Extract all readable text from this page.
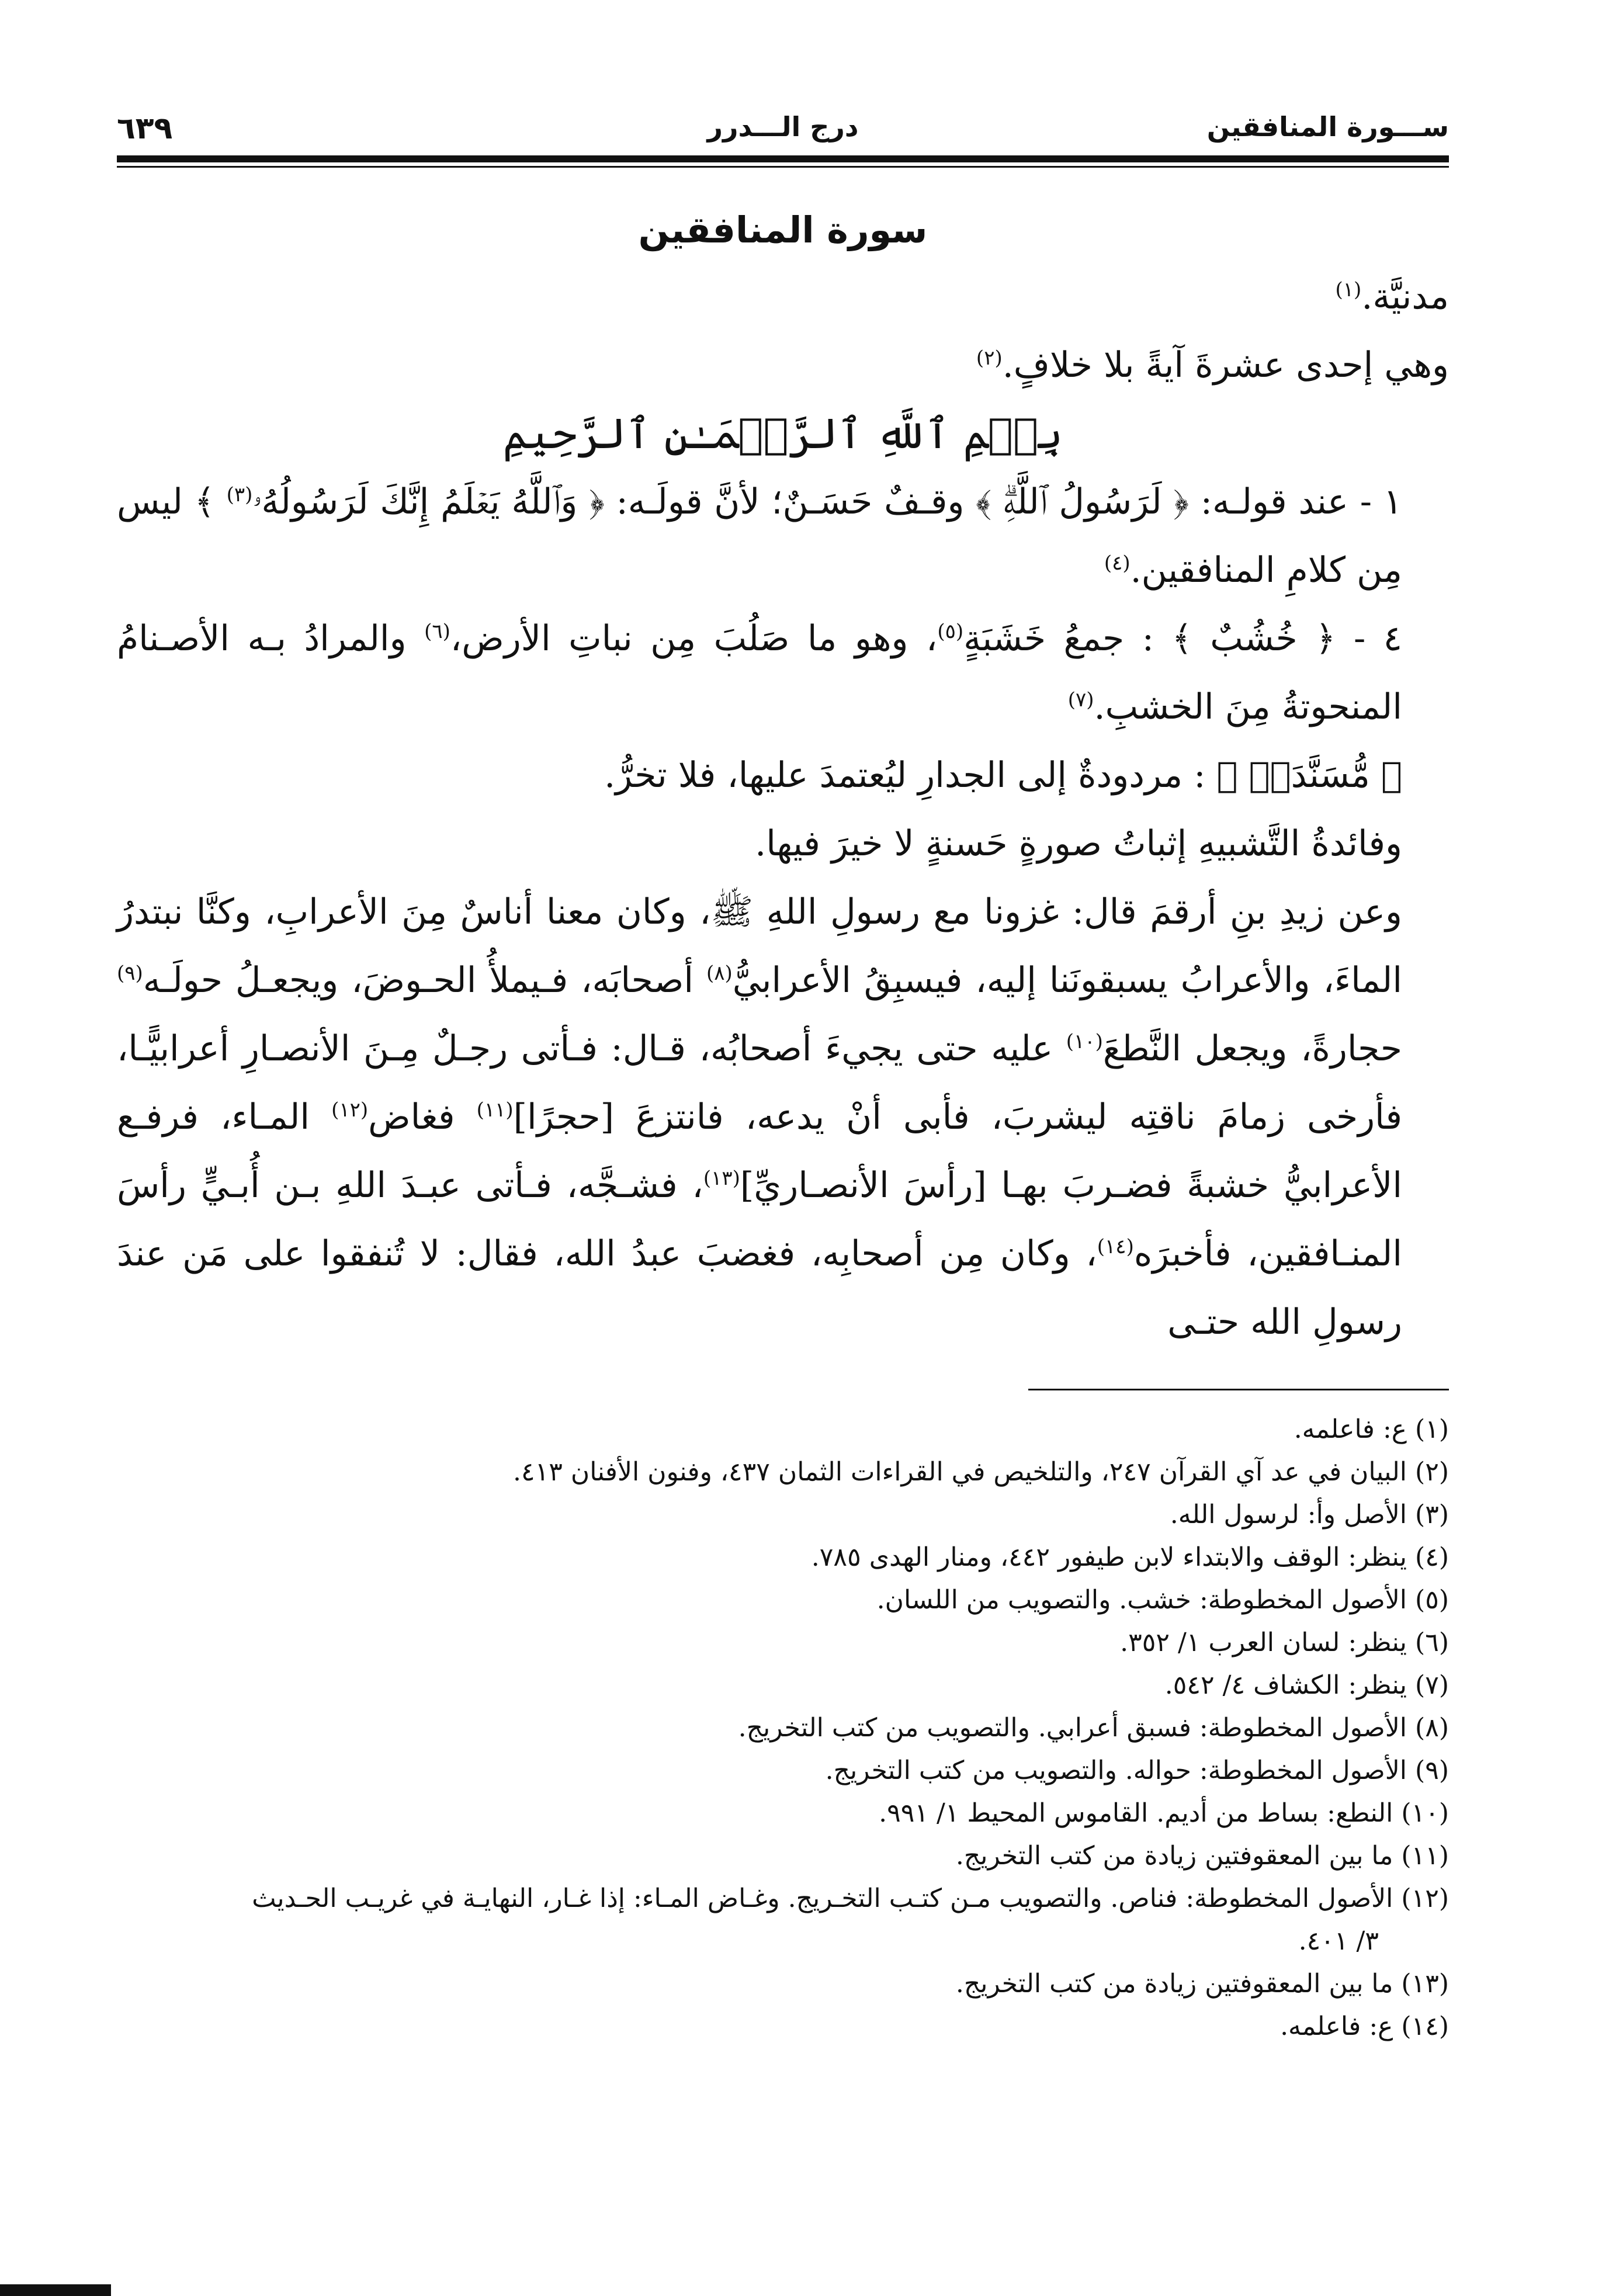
ســـورة المنافقين
درج الـــدرر
٦٣٩
سورة المنافقين

مدنيَّة.$^{(١)}$

وهي إحدى عشرةَ آيةً بلا خلافٍ.$^{(٢)}$

بِسۡمِ ٱللَّهِ ٱلرَّحۡمَـٰنِ ٱلرَّحِيمِ

١ - عند قولـه: ﴿ لَرَسُولُ ٱللَّهِۗ ﴾ وقـفٌ حَسَـنٌ؛ لأنَّ قولَـه: ﴿ وَٱللَّهُ يَعۡلَمُ إِنَّكَ لَرَسُولُهُۥ$^{(٣)}$ ﴾ ليس مِن كلامِ المنافقين.$^{(٤)}$

٤ - ﴿ خُشُبٌ ﴾ : جمعُ خَشَبَةٍ$^{(٥)}$، وهو ما صَلُبَ مِن نباتِ الأرض،$^{(٦)}$ والمرادُ بـه الأصـنامُ المنحوتةُ مِنَ الخشبِ.$^{(٧)}$

﴿ مُّسَنَّدَةٞ ﴾ : مردودةٌ إلى الجدارِ ليُعتمدَ عليها، فلا تخرُّ.

وفائدةُ التَّشبيهِ إثباتُ صورةٍ حَسنةٍ لا خيرَ فيها.

وعن زيدِ بنِ أرقمَ قال: غزونا مع رسولِ اللهِ ﷺ، وكان معنا أناسٌ مِنَ الأعرابِ، وكنَّا نبتدرُ الماءَ، والأعرابُ يسبقونَنا إليه، فيسبِقُ الأعرابيُّ$^{(٨)}$ أصحابَه، فـيملأُ الحـوضَ، ويجعـلُ حولَـه$^{(٩)}$ حجارةً، ويجعل النَّطعَ$^{(١٠)}$ عليه حتى يجيءَ أصحابُه، قـال: فـأتى رجـلٌ مِـنَ الأنصـارِ أعرابيًّـا، فأرخى زمامَ ناقتِه ليشربَ، فأبى أنْ يدعه، فانتزعَ [حجرًا]$^{(١١)}$ فغاض$^{(١٢)}$ المـاء، فرفـع الأعرابيُّ خشبةً فضـربَ بهـا [رأسَ الأنصـاريِّ]$^{(١٣)}$، فشـجَّه، فـأتى عبـدَ اللهِ بـن أُبـيٍّ رأسَ المنـافقين، فأخبرَه$^{(١٤)}$، وكان مِن أصحابِه، فغضبَ عبدُ الله، فقال: لا تُنفقوا على مَن عندَ رسولِ الله حتـى

(١) ع: فاعلمه.

(٢) البيان في عد آي القرآن ٢٤٧، والتلخيص في القراءات الثمان ٤٣٧، وفنون الأفنان ٤١٣.

(٣) الأصل وأ: لرسول الله.

(٤) ينظر: الوقف والابتداء لابن طيفور ٤٤٢، ومنار الهدى ٧٨٥.

(٥) الأصول المخطوطة: خشب. والتصويب من اللسان.

(٦) ينظر: لسان العرب ١/ ٣٥٢.

(٧) ينظر: الكشاف ٤/ ٥٤٢.

(٨) الأصول المخطوطة: فسبق أعرابي. والتصويب من كتب التخريج.

(٩) الأصول المخطوطة: حواله. والتصويب من كتب التخريج.

(١٠) النطع: بساط من أديم. القاموس المحيط ١/ ٩٩١.

(١١) ما بين المعقوفتين زيادة من كتب التخريج.

(١٢) الأصول المخطوطة: فناص. والتصويب مـن كتـب التخـريج. وغـاض المـاء: إذا غـار، النهايـة في غريـب الحـديث

٣/ ٤٠١.

(١٣) ما بين المعقوفتين زيادة من كتب التخريج.

(١٤) ع: فاعلمه.
